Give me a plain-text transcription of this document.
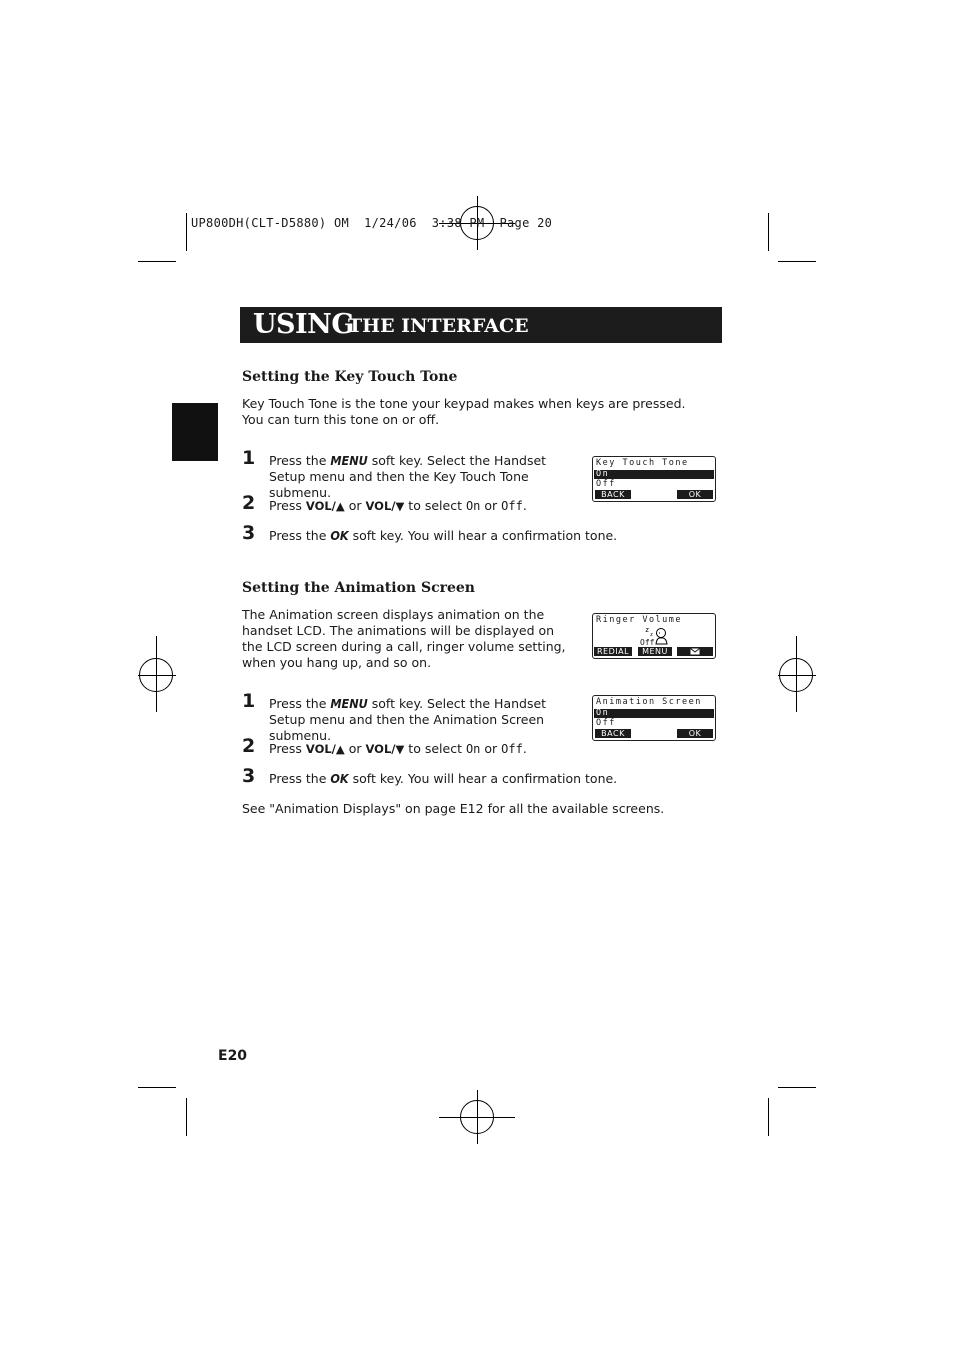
UP800DH(CLT-D5880) OM  1/24/06  3:38 PM  Page 20
USING
THE INTERFACE
Setting the Key Touch Tone
Key Touch Tone is the tone your keypad makes when keys are pressed. You can turn this tone on or off.
1 Press the MENU soft key. Select the Handset Setup menu and then the Key Touch Tone submenu.
2 Press VOL/▲ or VOL/▼ to select On or Off.
3 Press the OK soft key. You will hear a confirmation tone.
Key Touch Tone
On
Off
BACK	OK
Setting the Animation Screen
The Animation screen displays animation on the handset LCD. The animations will be displayed on the LCD screen during a call, ringer volume setting, when you hang up, and so on.
Ringer Volume
z
z
Off
REDIAL	MENU
1 Press the MENU soft key. Select the Handset Setup menu and then the Animation Screen submenu.
2 Press VOL/▲ or VOL/▼ to select On or Off.
3 Press the OK soft key. You will hear a confirmation tone.
Animation Screen
On
Off
BACK	OK
See "Animation Displays" on page E12 for all the available screens.
E20
